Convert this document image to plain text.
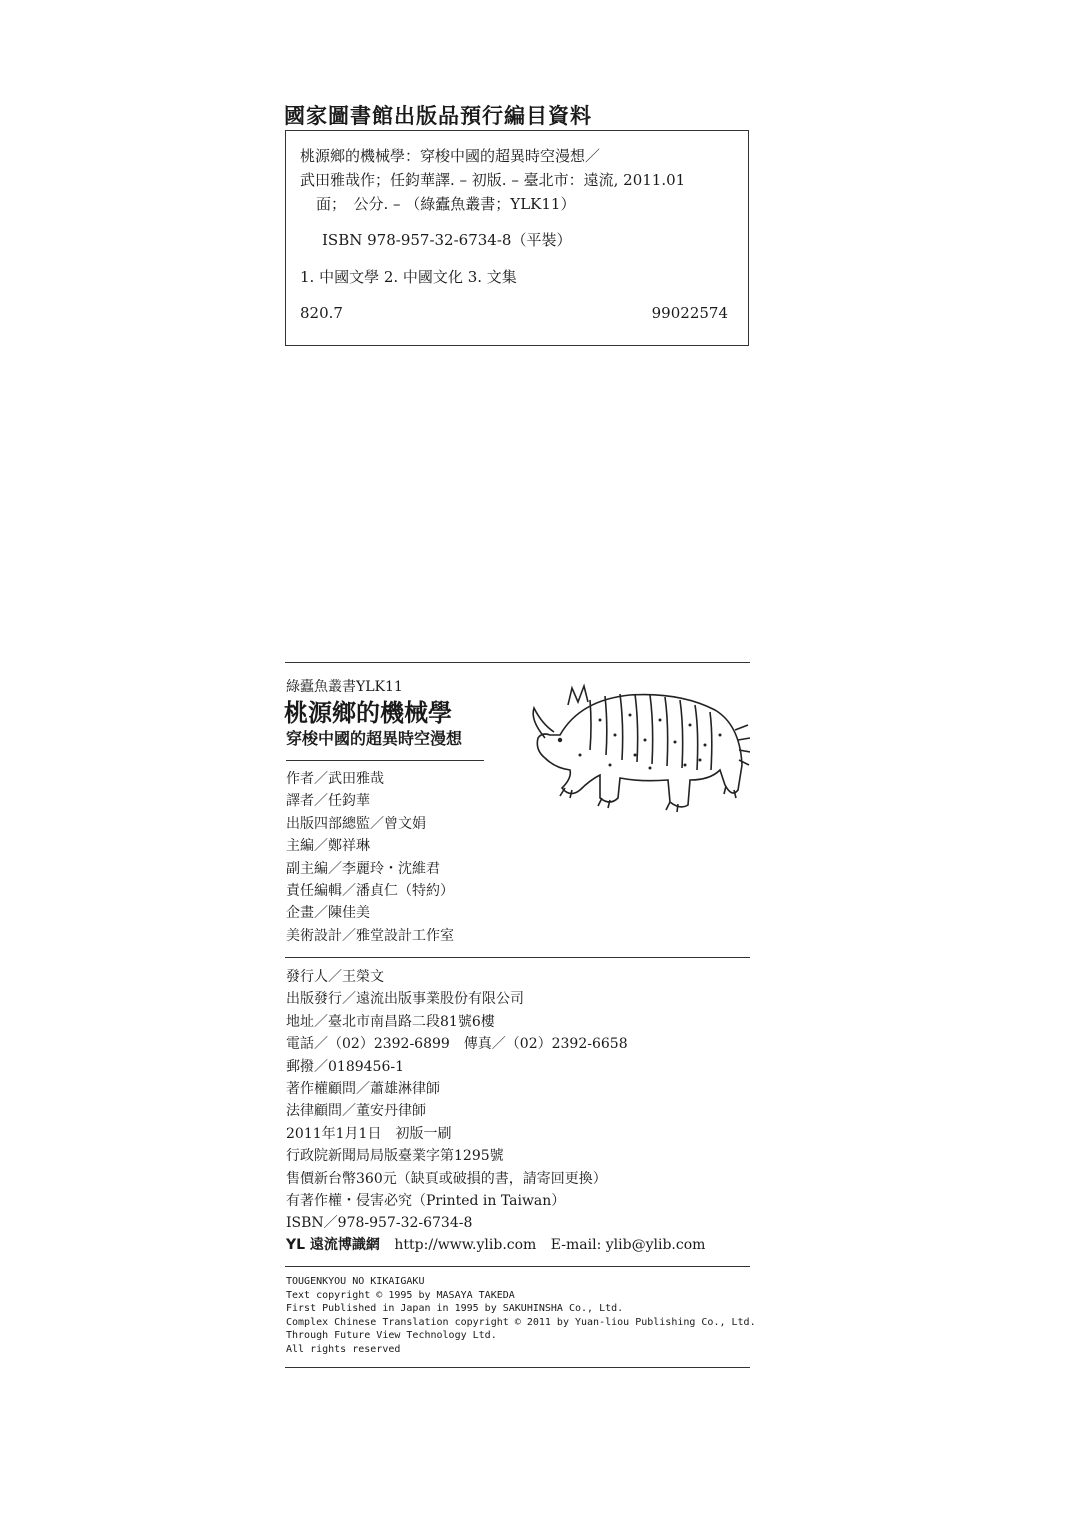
國家圖書館出版品預行編目資料
桃源鄉的機械學：穿梭中國的超異時空漫想／
武田雅哉作；任鈞華譯. – 初版. – 臺北市：遠流, 2011.01
面；　公分. – （綠蠹魚叢書；YLK11）
ISBN 978-957-32-6734-8（平裝）
1. 中國文學 2. 中國文化 3. 文集
820.7	99022574
綠蠹魚叢書YLK11
桃源鄉的機械學
穿梭中國的超異時空漫想
作者／武田雅哉
譯者／任鈞華
出版四部總監／曾文娟
主編／鄭祥琳
副主編／李麗玲・沈維君
責任編輯／潘貞仁（特約）
企畫／陳佳美
美術設計／雅堂設計工作室
發行人／王榮文
出版發行／遠流出版事業股份有限公司
地址／臺北市南昌路二段81號6樓
電話／（02）2392-6899　傳真／（02）2392-6658
郵撥／0189456-1
著作權顧問／蕭雄淋律師
法律顧問／董安丹律師
2011年1月1日　初版一刷
行政院新聞局局版臺業字第1295號
售價新台幣360元（缺頁或破損的書，請寄回更換）
有著作權・侵害必究（Printed in Taiwan）
ISBN／978-957-32-6734-8
YL 遠流博識網 http://www.ylib.com E-mail: ylib@ylib.com
TOUGENKYOU NO KIKAIGAKU
Text copyright © 1995 by MASAYA TAKEDA
First Published in Japan in 1995 by SAKUHINSHA Co., Ltd.
Complex Chinese Translation copyright © 2011 by Yuan-liou Publishing Co., Ltd.
Through Future View Technology Ltd.
All rights reserved
